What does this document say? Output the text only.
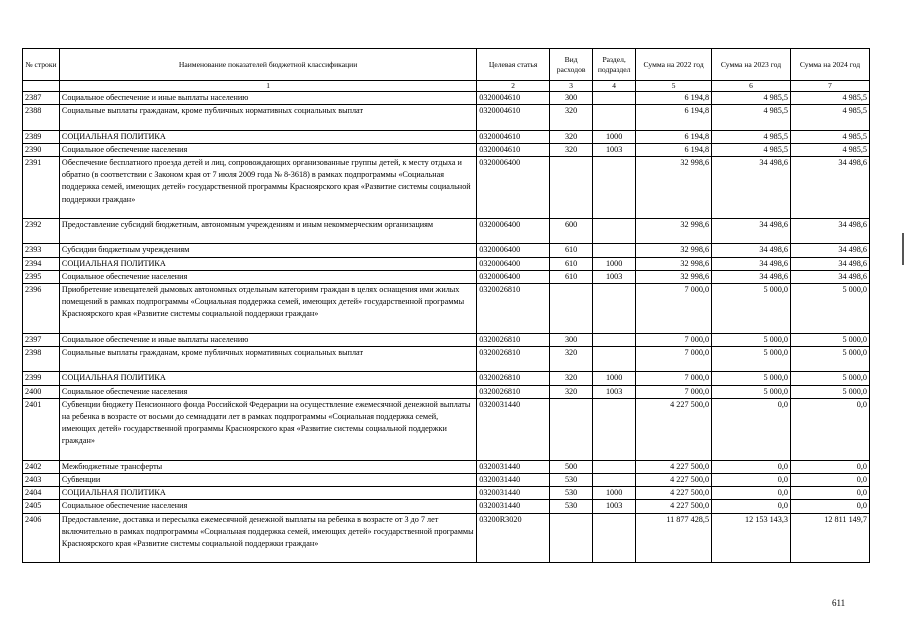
№ строки	Наименование показателей бюджетной классификации	Целевая статья	Вид расходов	Раздел, подраздел	Сумма на 2022 год	Сумма на 2023 год	Сумма на 2024 год
	1	2	3	4	5	6	7
2387	Социальное обеспечение и иные выплаты населению	0320004610	300		6 194,8	4 985,5	4 985,5
2388	Социальные выплаты гражданам, кроме публичных нормативных социальных выплат	0320004610	320		6 194,8	4 985,5	4 985,5
2389	СОЦИАЛЬНАЯ ПОЛИТИКА	0320004610	320	1000	6 194,8	4 985,5	4 985,5
2390	Социальное обеспечение населения	0320004610	320	1003	6 194,8	4 985,5	4 985,5
2391	Обеспечение бесплатного проезда детей и лиц, сопровождающих организованные группы детей, к месту отдыха и обратно (в соответствии с Законом края от 7 июля 2009 года № 8-3618) в рамках подпрограммы «Социальная поддержка семей, имеющих детей» государственной программы Красноярского края «Развитие системы социальной поддержки граждан»	0320006400			32 998,6	34 498,6	34 498,6
2392	Предоставление субсидий бюджетным, автономным учреждениям и иным некоммерческим организациям	0320006400	600		32 998,6	34 498,6	34 498,6
2393	Субсидии бюджетным учреждениям	0320006400	610		32 998,6	34 498,6	34 498,6
2394	СОЦИАЛЬНАЯ ПОЛИТИКА	0320006400	610	1000	32 998,6	34 498,6	34 498,6
2395	Социальное обеспечение населения	0320006400	610	1003	32 998,6	34 498,6	34 498,6
2396	Приобретение извещателей дымовых автономных отдельным категориям граждан в целях оснащения ими жилых помещений в рамках подпрограммы «Социальная поддержка семей, имеющих детей» государственной программы Красноярского края «Развитие системы социальной поддержки граждан»	0320026810			7 000,0	5 000,0	5 000,0
2397	Социальное обеспечение и иные выплаты населению	0320026810	300		7 000,0	5 000,0	5 000,0
2398	Социальные выплаты гражданам, кроме публичных нормативных социальных выплат	0320026810	320		7 000,0	5 000,0	5 000,0
2399	СОЦИАЛЬНАЯ ПОЛИТИКА	0320026810	320	1000	7 000,0	5 000,0	5 000,0
2400	Социальное обеспечение населения	0320026810	320	1003	7 000,0	5 000,0	5 000,0
2401	Субвенции бюджету Пенсионного фонда Российской Федерации на осуществление ежемесячной денежной выплаты на ребенка в возрасте от восьми до семнадцати лет в рамках подпрограммы «Социальная поддержка семей, имеющих детей» государственной программы Красноярского края «Развитие системы социальной поддержки граждан»	0320031440			4 227 500,0	0,0	0,0
2402	Межбюджетные трансферты	0320031440	500		4 227 500,0	0,0	0,0
2403	Субвенции	0320031440	530		4 227 500,0	0,0	0,0
2404	СОЦИАЛЬНАЯ ПОЛИТИКА	0320031440	530	1000	4 227 500,0	0,0	0,0
2405	Социальное обеспечение населения	0320031440	530	1003	4 227 500,0	0,0	0,0
2406	Предоставление, доставка и пересылка ежемесячной денежной выплаты на ребенка в возрасте от 3 до 7 лет включительно в рамках подпрограммы «Социальная поддержка семей, имеющих детей» государственной программы Красноярского края «Развитие системы социальной поддержки граждан»	03200R3020			11 877 428,5	12 153 143,3	12 811 149,7
611
